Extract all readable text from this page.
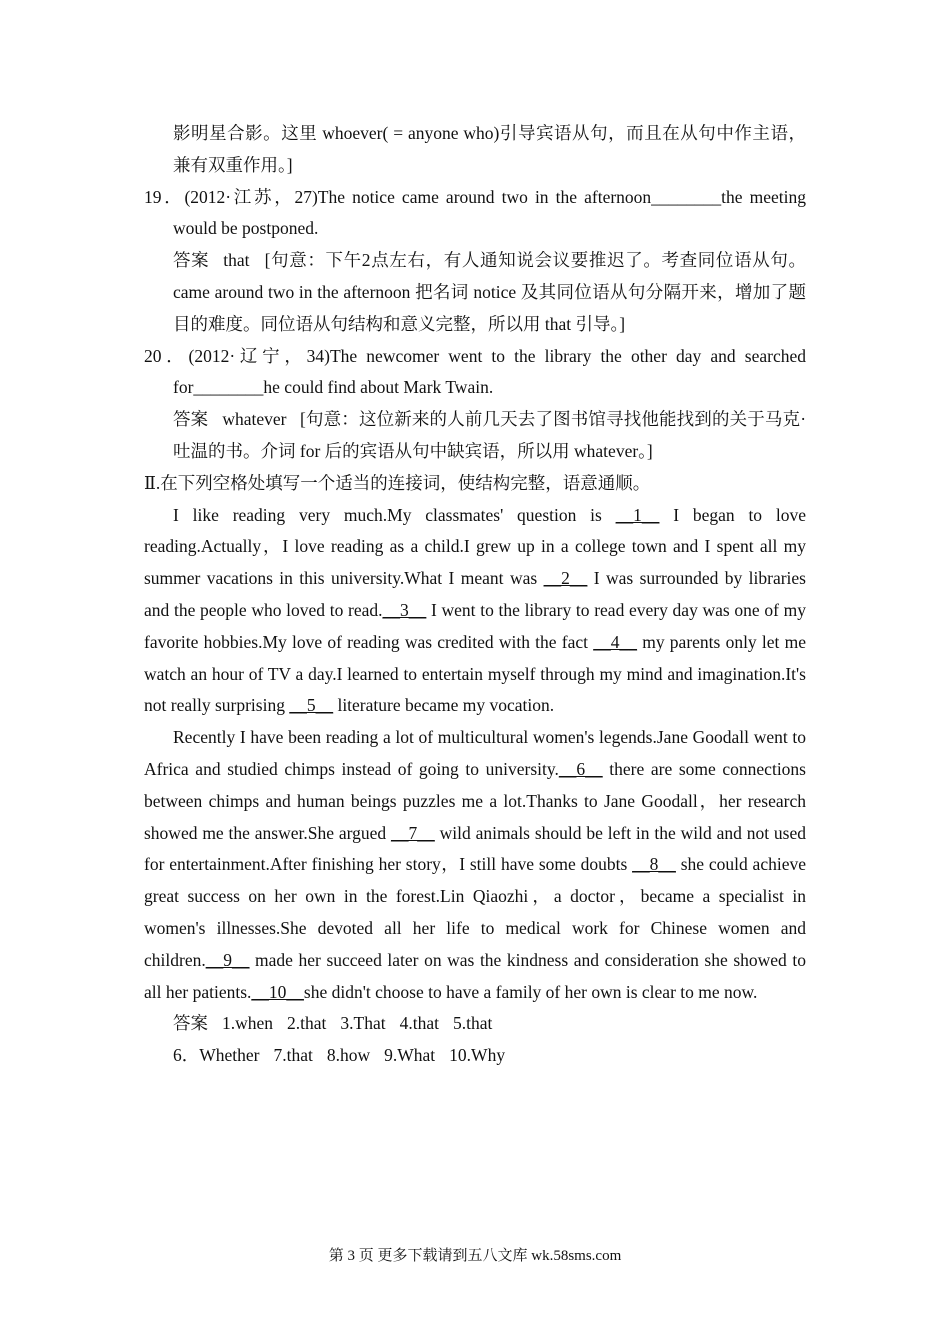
影明星合影。这里 whoever( = anyone who)引导宾语从句，而且在从句中作主语，兼有双重作用。]
19．(2012·江苏，27)The notice came around two in the afternoon________the meeting would be postponed.
答案 that [句意：下午2点左右，有人通知说会议要推迟了。考查同位语从句。came around two in the afternoon 把名词 notice 及其同位语从句分隔开来，增加了题目的难度。同位语从句结构和意义完整，所以用 that 引导。]
20．(2012·辽宁，34)The newcomer went to the library the other day and searched for________he could find about Mark Twain.
答案 whatever [句意：这位新来的人前几天去了图书馆寻找他能找到的关于马克·吐温的书。介词 for 后的宾语从句中缺宾语，所以用 whatever。]
Ⅱ.在下列空格处填写一个适当的连接词，使结构完整，语意通顺。
I like reading very much.My classmates' question is __1__ I began to love reading.Actually，I love reading as a child.I grew up in a college town and I spent all my summer vacations in this university.What I meant was __2__ I was surrounded by libraries and the people who loved to read.__3__ I went to the library to read every day was one of my favorite hobbies.My love of reading was credited with the fact __4__ my parents only let me watch an hour of TV a day.I learned to entertain myself through my mind and imagination.It's not really surprising __5__ literature became my vocation.
Recently I have been reading a lot of multicultural women's legends.Jane Goodall went to Africa and studied chimps instead of going to university.__6__ there are some connections between chimps and human beings puzzles me a lot.Thanks to Jane Goodall，her research showed me the answer.She argued __7__ wild animals should be left in the wild and not used for entertainment.After finishing her story，I still have some doubts __8__ she could achieve great success on her own in the forest.Lin Qiaozhi，a doctor，became a specialist in women's illnesses.She devoted all her life to medical work for Chinese women and children.__9__ made her succeed later on was the kindness and consideration she showed to all her patients.__10__she didn't choose to have a family of her own is clear to me now.
答案 1.when 2.that 3.That 4.that 5.that
6．Whether 7.that 8.how 9.What 10.Why
第 3 页 更多下载请到五八文库 wk.58sms.com
